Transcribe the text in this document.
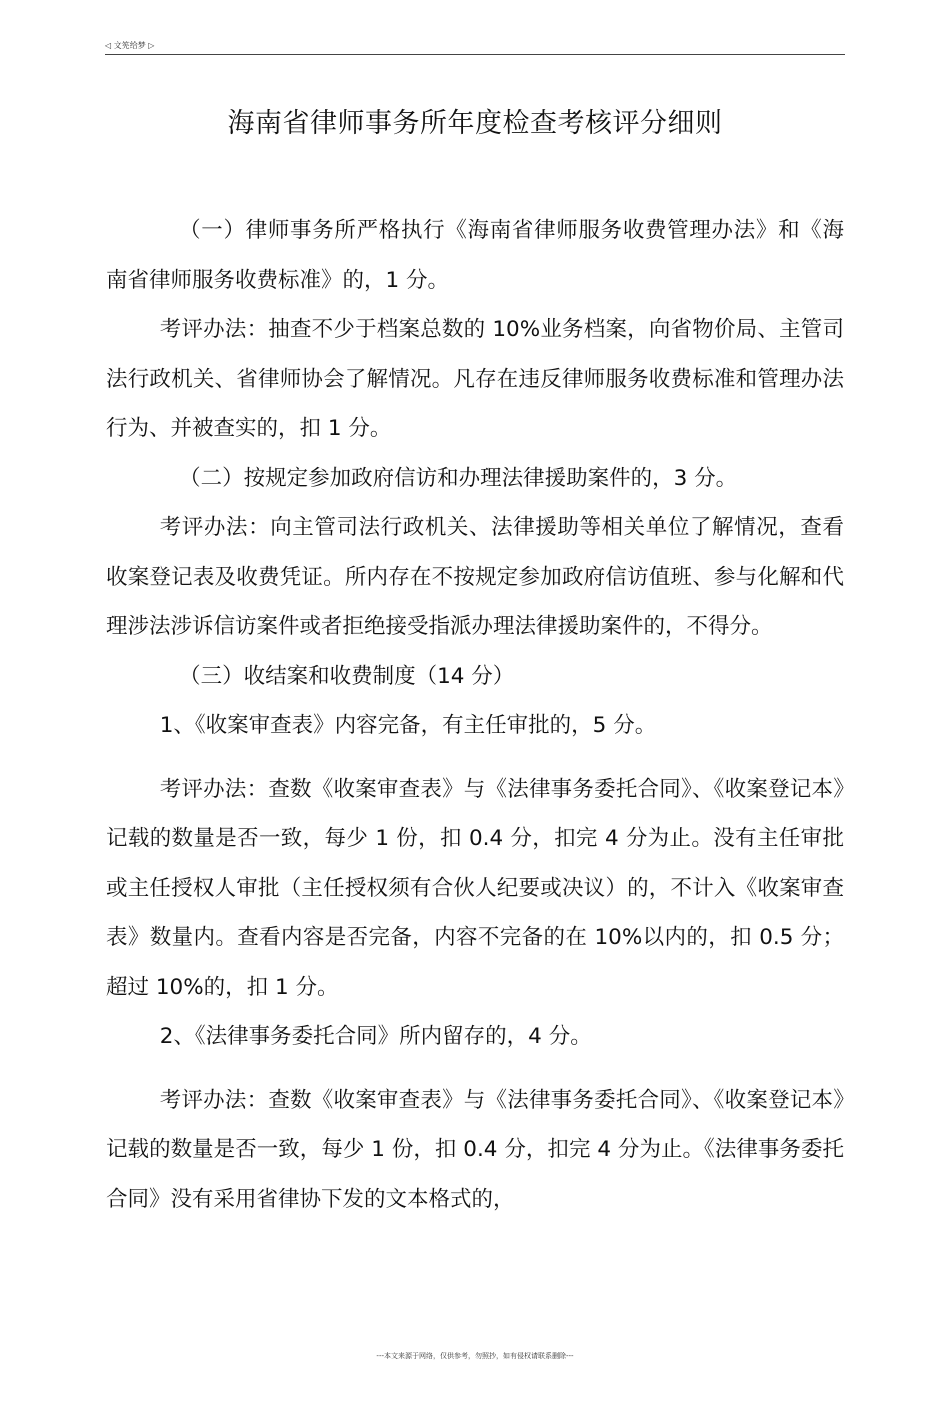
◁ 文筅给梦 ▷
海南省律师事务所年度检查考核评分细则

（一）律师事务所严格执行《海南省律师服务收费管理办法》和《海南省律师服务收费标准》的，1 分。

考评办法：抽查不少于档案总数的 10%业务档案，向省物价局、主管司法行政机关、省律师协会了解情况。凡存在违反律师服务收费标准和管理办法行为、并被查实的，扣 1 分。

（二）按规定参加政府信访和办理法律援助案件的，3 分。

考评办法：向主管司法行政机关、法律援助等相关单位了解情况，查看收案登记表及收费凭证。所内存在不按规定参加政府信访值班、参与化解和代理涉法涉诉信访案件或者拒绝接受指派办理法律援助案件的，不得分。

（三）收结案和收费制度（14 分）

1、《收案审查表》内容完备，有主任审批的，5 分。

考评办法：查数《收案审查表》与《法律事务委托合同》、《收案登记本》记载的数量是否一致，每少 1 份，扣 0.4 分，扣完 4 分为止。没有主任审批或主任授权人审批（主任授权须有合伙人纪要或决议）的，不计入《收案审查表》数量内。查看内容是否完备，内容不完备的在 10%以内的，扣 0.5 分；超过 10%的，扣 1 分。

2、《法律事务委托合同》所内留存的，4 分。

考评办法：查数《收案审查表》与《法律事务委托合同》、《收案登记本》记载的数量是否一致，每少 1 份，扣 0.4 分，扣完 4 分为止。《法律事务委托合同》没有采用省律协下发的文本格式的，

---本文来源于网络，仅供参考，勿照抄，如有侵权请联系删除---
